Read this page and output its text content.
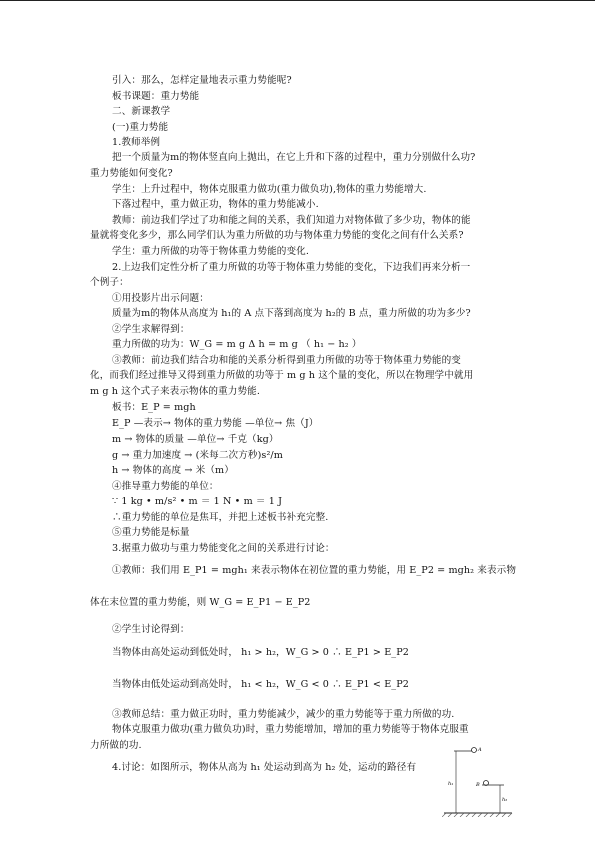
引入：那么，怎样定量地表示重力势能呢?
板书课题：重力势能
二、新课教学
(一)重力势能
1.教师举例
把一个质量为m的物体竖直向上抛出，在它上升和下落的过程中，重力分别做什么功?
重力势能如何变化?
学生：上升过程中，物体克服重力做功(重力做负功),物体的重力势能增大.
下落过程中，重力做正功，物体的重力势能减小.
教师：前边我们学过了功和能之间的关系，我们知道力对物体做了多少功，物体的能
量就将变化多少，那么同学们认为重力所做的功与物体重力势能的变化之间有什么关系?
学生：重力所做的功等于物体重力势能的变化.
2.上边我们定性分析了重力所做的功等于物体重力势能的变化，下边我们再来分析一
个例子：
①用投影片出示问题：
质量为m的物体从高度为 h₁的 A 点下落到高度为 h₂的 B 点，重力所做的功为多少?
②学生求解得到：
重力所做的功为：W_G = m g Δ h = m g （ h₁ − h₂ ）
③教师：前边我们结合功和能的关系分析得到重力所做的功等于物体重力势能的变
化，而我们经过推导又得到重力所做的功等于 m g h 这个量的变化，所以在物理学中就用
m g h 这个式子来表示物体的重力势能.
板书：E_P = mgh
E_P —表示→ 物体的重力势能 —单位→ 焦（J）
m → 物体的质量 —单位→ 千克（kg）
g → 重力加速度 → (米每二次方秒)s²/m
h → 物体的高度 → 米（m）
④推导重力势能的单位：
∵ 1 kg • m/s² • m ＝ 1 N • m ＝ 1 J
∴重力势能的单位是焦耳，并把上述板书补充完整.
⑤重力势能是标量
3.据重力做功与重力势能变化之间的关系进行讨论：
①教师：我们用 E_P1 = mgh₁ 来表示物体在初位置的重力势能，用 E_P2 = mgh₂ 来表示物
体在末位置的重力势能，则 W_G = E_P1 − E_P2
②学生讨论得到：
当物体由高处运动到低处时， h₁ > h₂，W_G > 0 ∴ E_P1 > E_P2
当物体由低处运动到高处时， h₁ < h₂，W_G < 0 ∴ E_P1 < E_P2
③教师总结：重力做正功时，重力势能减少，减少的重力势能等于重力所做的功.
物体克服重力做功(重力做负功)时，重力势能增加，增加的重力势能等于物体克服重
力所做的功.
4.讨论：如图所示，物体从高为 h₁ 处运动到高为 h₂ 处，运动的路径有
A
B
h₁
h₂
